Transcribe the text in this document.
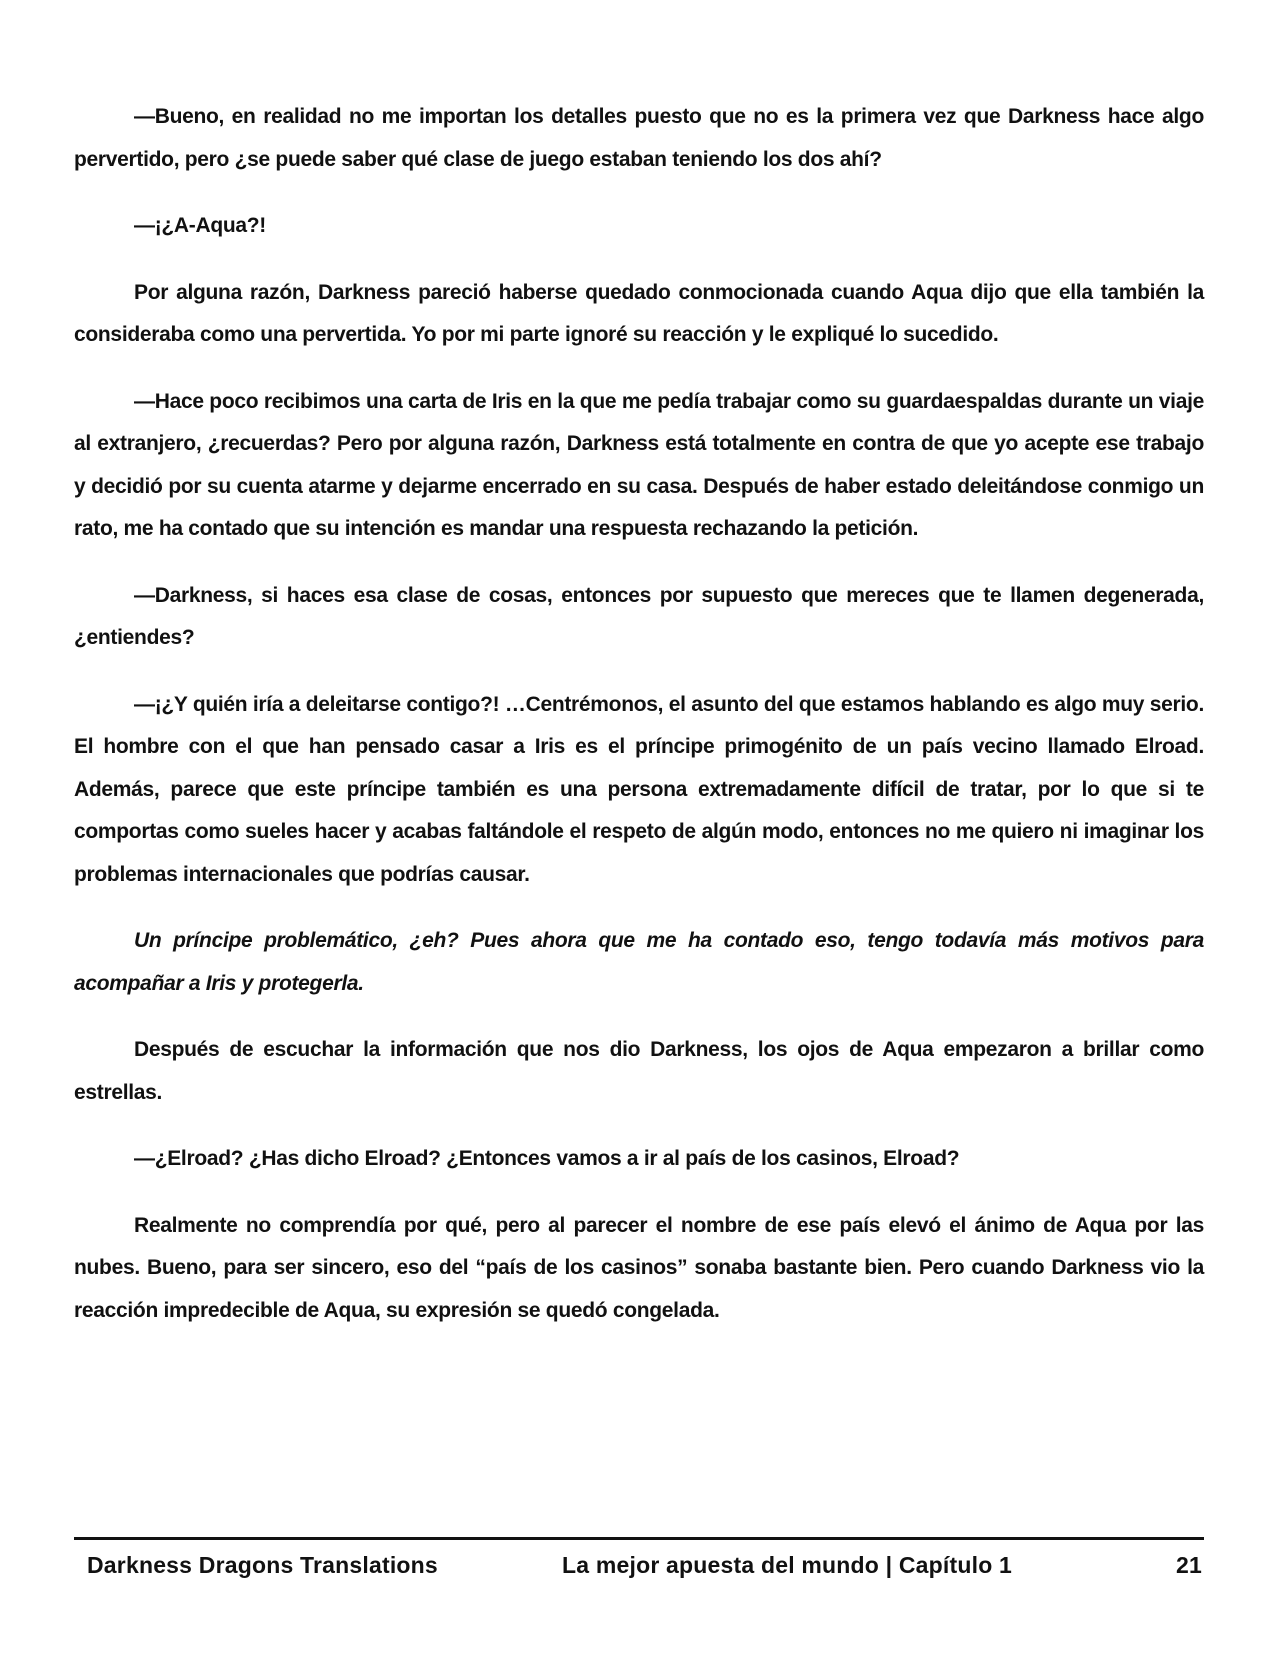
—Bueno, en realidad no me importan los detalles puesto que no es la primera vez que Darkness hace algo pervertido, pero ¿se puede saber qué clase de juego estaban teniendo los dos ahí?

—¡¿A-Aqua?!

Por alguna razón, Darkness pareció haberse quedado conmocionada cuando Aqua dijo que ella también la consideraba como una pervertida. Yo por mi parte ignoré su reacción y le expliqué lo sucedido.

—Hace poco recibimos una carta de Iris en la que me pedía trabajar como su guardaespaldas durante un viaje al extranjero, ¿recuerdas? Pero por alguna razón, Darkness está totalmente en contra de que yo acepte ese trabajo y decidió por su cuenta atarme y dejarme encerrado en su casa. Después de haber estado deleitándose conmigo un rato, me ha contado que su intención es mandar una respuesta rechazando la petición.

—Darkness, si haces esa clase de cosas, entonces por supuesto que mereces que te llamen degenerada, ¿entiendes?

—¡¿Y quién iría a deleitarse contigo?! …Centrémonos, el asunto del que estamos hablando es algo muy serio. El hombre con el que han pensado casar a Iris es el príncipe primogénito de un país vecino llamado Elroad. Además, parece que este príncipe también es una persona extremadamente difícil de tratar, por lo que si te comportas como sueles hacer y acabas faltándole el respeto de algún modo, entonces no me quiero ni imaginar los problemas internacionales que podrías causar.

Un príncipe problemático, ¿eh? Pues ahora que me ha contado eso, tengo todavía más motivos para acompañar a Iris y protegerla.

Después de escuchar la información que nos dio Darkness, los ojos de Aqua empezaron a brillar como estrellas.

—¿Elroad? ¿Has dicho Elroad? ¿Entonces vamos a ir al país de los casinos, Elroad?

Realmente no comprendía por qué, pero al parecer el nombre de ese país elevó el ánimo de Aqua por las nubes. Bueno, para ser sincero, eso del “país de los casinos” sonaba bastante bien. Pero cuando Darkness vio la reacción impredecible de Aqua, su expresión se quedó congelada.

Darkness Dragons Translations	La mejor apuesta del mundo | Capítulo 1	21
